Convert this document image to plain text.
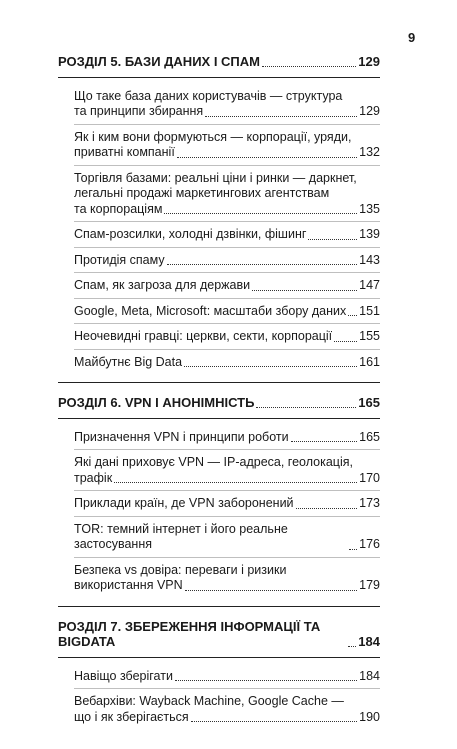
9
РОЗДІЛ 5. БАЗИ ДАНИХ І СПАМ	129
Що таке база даних користувачів — структура
та принципи збирання	129
Як і ким вони формуються — корпорації, уряди,
приватні компанії	132
Торгівля базами: реальні ціни і ринки — даркнет,
легальні продажі маркетингових агентствам
та корпораціям	135
Спам-розсилки, холодні дзвінки, фішинг	139
Протидія спаму	143
Спам, як загроза для держави	147
Google, Meta, Microsoft: масштаби збору даних 151
Неочевидні гравці: церкви, секти, корпорації 155
Майбутнє Big Data	161
РОЗДІЛ 6. VPN І АНОНІМНІСТЬ	165
Призначення VPN і принципи роботи	165
Які дані приховує VPN — IP-адреса, геолокація,
трафік	170
Приклади країн, де VPN заборонений	173
TOR: темний інтернет і його реальне застосування	176
Безпека vs довіра: переваги і ризики
використання VPN	179
РОЗДІЛ 7. ЗБЕРЕЖЕННЯ ІНФОРМАЦІЇ ТА BIGDATA	184
Навіщо зберігати	184
Вебархіви: Wayback Machine, Google Cache —
що і як зберігається	190
